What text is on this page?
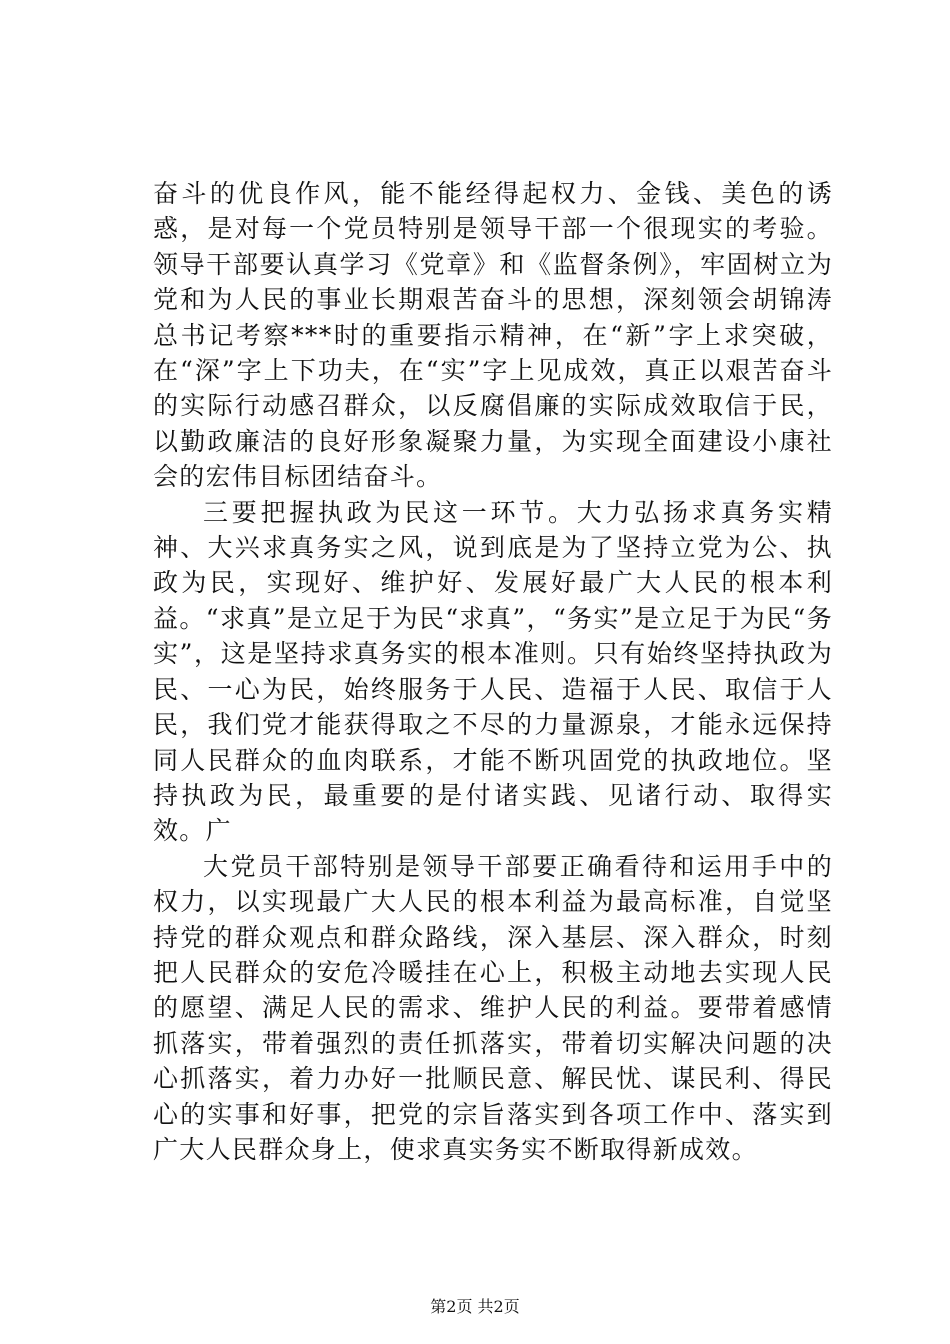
奋斗的优良作风，能不能经得起权力、金钱、美色的诱惑，是对每一个党员特别是领导干部一个很现实的考验。领导干部要认真学习《党章》和《监督条例》，牢固树立为党和为人民的事业长期艰苦奋斗的思想，深刻领会胡锦涛总书记考察***时的重要指示精神，在“新”字上求突破，在“深”字上下功夫，在“实”字上见成效，真正以艰苦奋斗的实际行动感召群众，以反腐倡廉的实际成效取信于民，以勤政廉洁的良好形象凝聚力量，为实现全面建设小康社会的宏伟目标团结奋斗。

三要把握执政为民这一环节。大力弘扬求真务实精神、大兴求真务实之风，说到底是为了坚持立党为公、执政为民，实现好、维护好、发展好最广大人民的根本利益。“求真”是立足于为民“求真”，“务实”是立足于为民“务实”，这是坚持求真务实的根本准则。只有始终坚持执政为民、一心为民，始终服务于人民、造福于人民、取信于人民，我们党才能获得取之不尽的力量源泉，才能永远保持同人民群众的血肉联系，才能不断巩固党的执政地位。坚持执政为民，最重要的是付诸实践、见诸行动、取得实效。广

大党员干部特别是领导干部要正确看待和运用手中的权力，以实现最广大人民的根本利益为最高标准，自觉坚持党的群众观点和群众路线，深入基层、深入群众，时刻把人民群众的安危冷暖挂在心上，积极主动地去实现人民的愿望、满足人民的需求、维护人民的利益。要带着感情抓落实，带着强烈的责任抓落实，带着切实解决问题的决心抓落实，着力办好一批顺民意、解民忧、谋民利、得民心的实事和好事，把党的宗旨落实到各项工作中、落实到广大人民群众身上，使求真实务实不断取得新成效。

第2页 共2页
